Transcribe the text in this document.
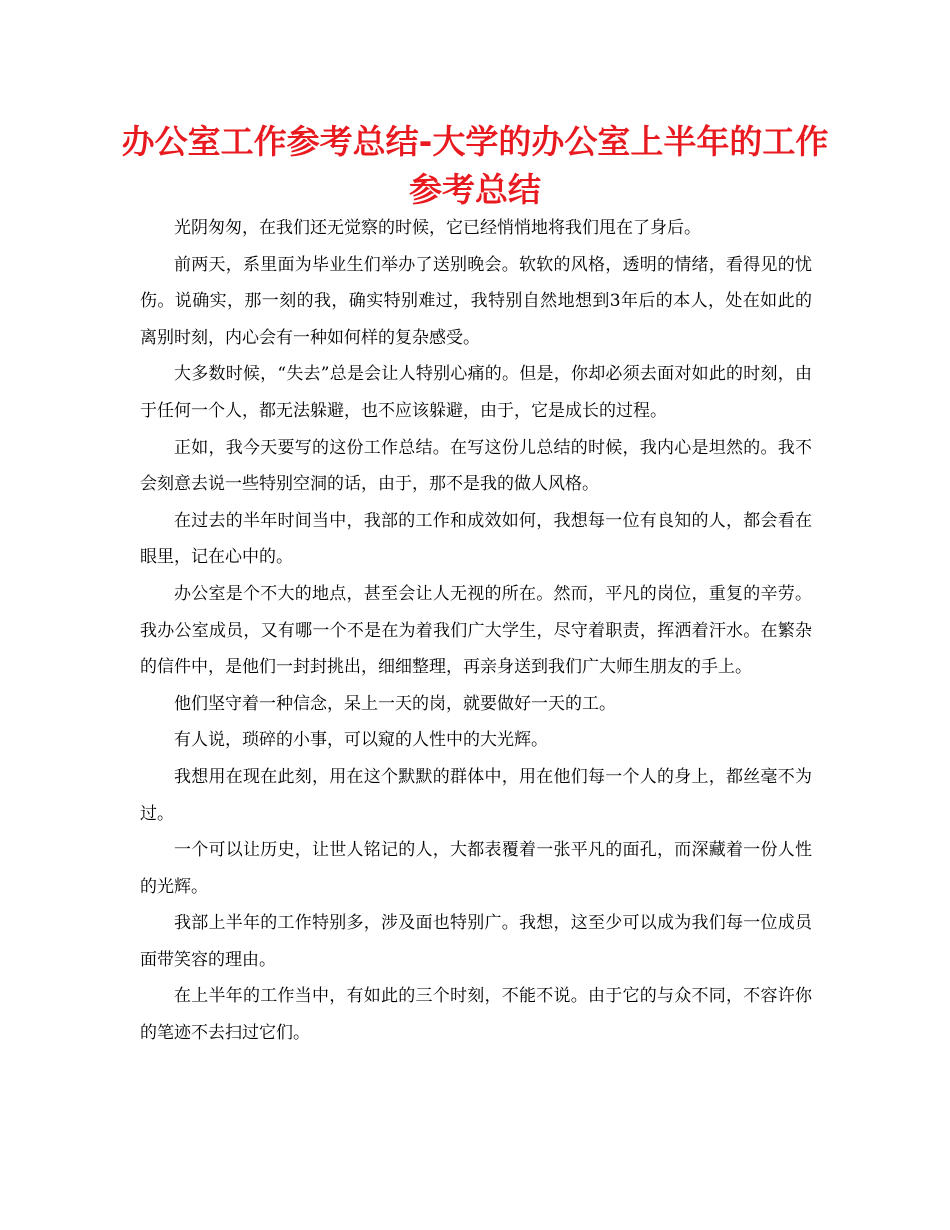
办公室工作参考总结-大学的办公室上半年的工作参考总结

光阴匆匆，在我们还无觉察的时候，它已经悄悄地将我们甩在了身后。

前两天，系里面为毕业生们举办了送别晚会。软软的风格，透明的情绪，看得见的忧伤。说确实，那一刻的我，确实特别难过，我特别自然地想到3年后的本人，处在如此的离别时刻，内心会有一种如何样的复杂感受。

大多数时候，“失去”总是会让人特别心痛的。但是，你却必须去面对如此的时刻，由于任何一个人，都无法躲避，也不应该躲避，由于，它是成长的过程。

正如，我今天要写的这份工作总结。在写这份儿总结的时候，我内心是坦然的。我不会刻意去说一些特别空洞的话，由于，那不是我的做人风格。

在过去的半年时间当中，我部的工作和成效如何，我想每一位有良知的人，都会看在眼里，记在心中的。

办公室是个不大的地点，甚至会让人无视的所在。然而，平凡的岗位，重复的辛劳。我办公室成员，又有哪一个不是在为着我们广大学生，尽守着职责，挥洒着汗水。在繁杂的信件中，是他们一封封挑出，细细整理，再亲身送到我们广大师生朋友的手上。

他们坚守着一种信念，呆上一天的岗，就要做好一天的工。

有人说，琐碎的小事，可以窥的人性中的大光辉。

我想用在现在此刻，用在这个默默的群体中，用在他们每一个人的身上，都丝毫不为过。

一个可以让历史，让世人铭记的人，大都表覆着一张平凡的面孔，而深藏着一份人性的光辉。

我部上半年的工作特别多，涉及面也特别广。我想，这至少可以成为我们每一位成员面带笑容的理由。

在上半年的工作当中，有如此的三个时刻，不能不说。由于它的与众不同，不容许你的笔迹不去扫过它们。
